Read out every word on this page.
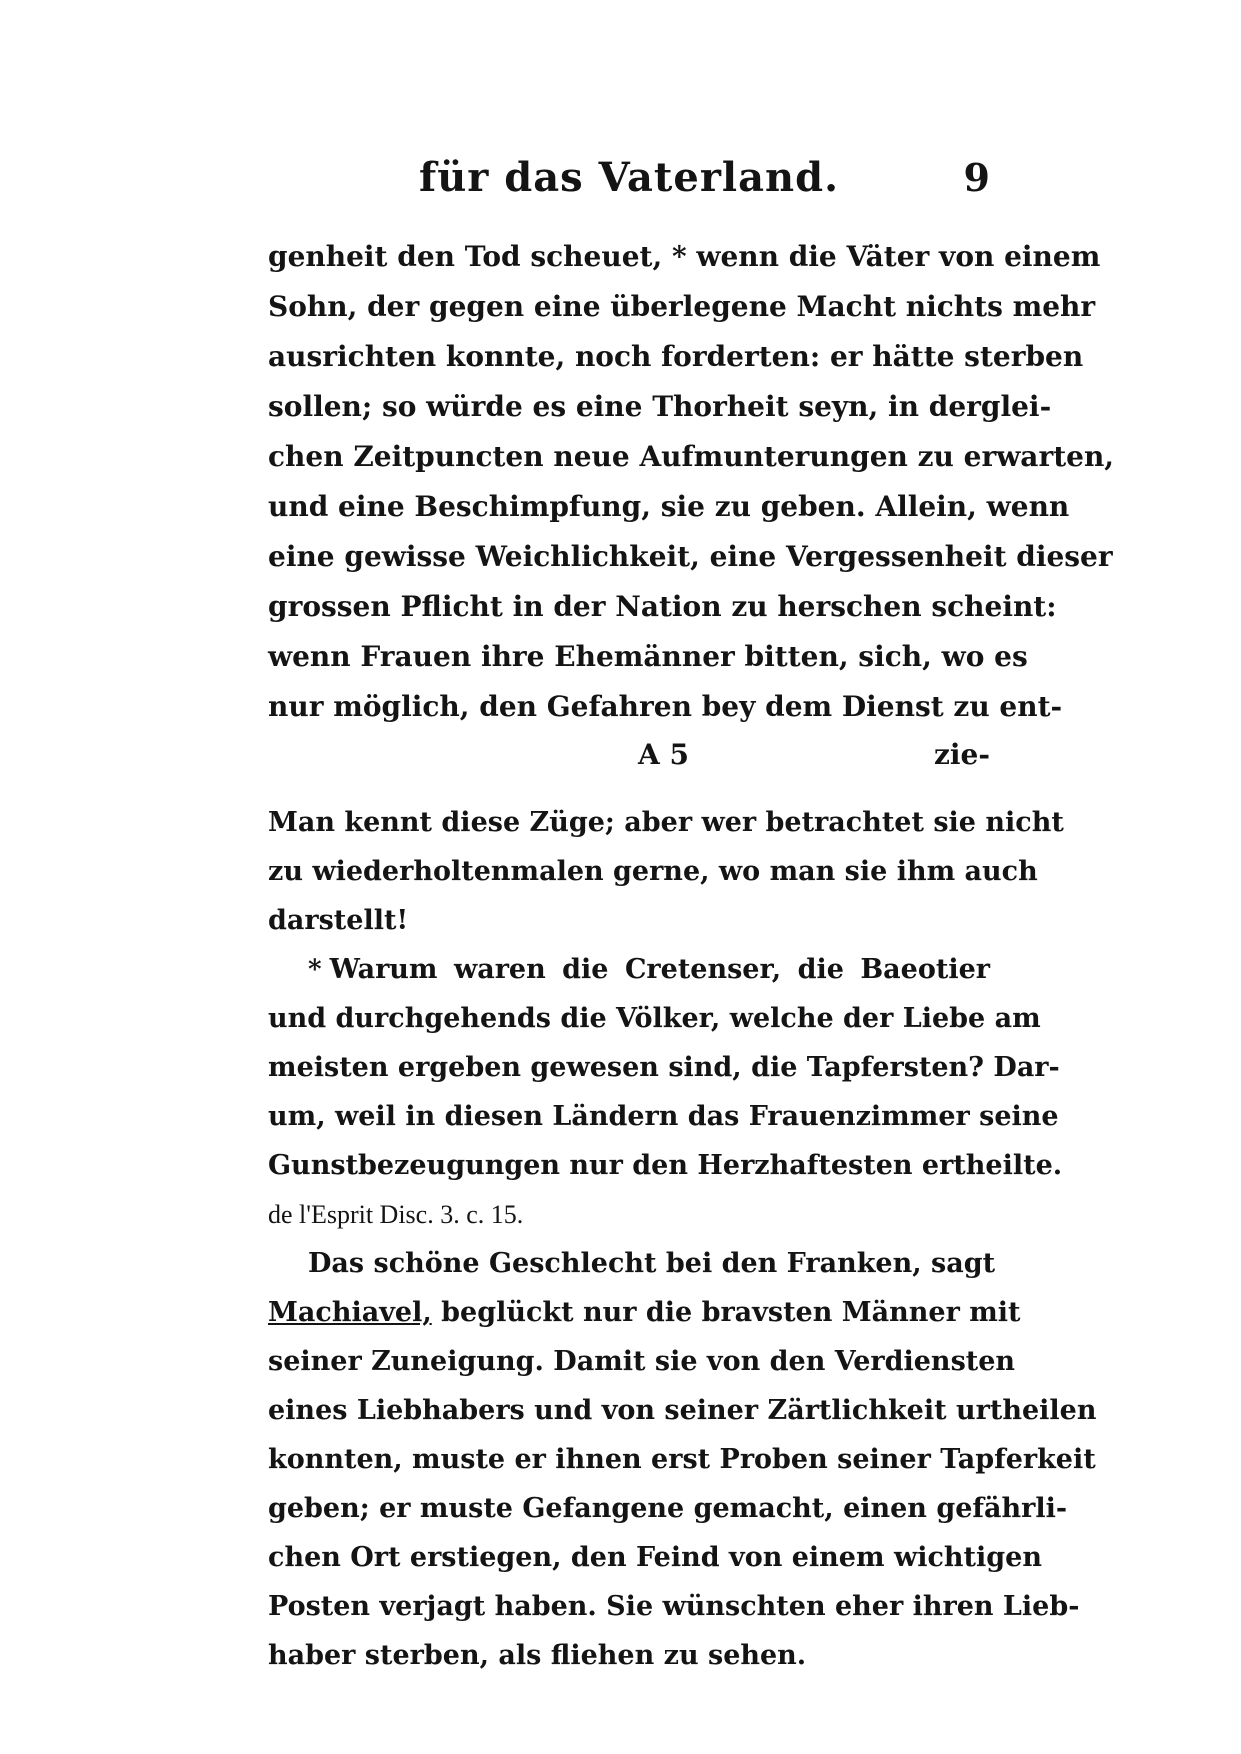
für das Vaterland.	9
genheit den Tod scheuet, * wenn die Väter von einem
Sohn, der gegen eine überlegene Macht nichts mehr
ausrichten konnte, noch forderten: er hätte sterben
sollen; so würde es eine Thorheit seyn, in derglei-
chen Zeitpuncten neue Aufmunterungen zu erwarten,
und eine Beschimpfung, sie zu geben. Allein, wenn
eine gewisse Weichlichkeit, eine Vergessenheit dieser
grossen Pflicht in der Nation zu herschen scheint:
wenn Frauen ihre Ehemänner bitten, sich, wo es
nur möglich, den Gefahren bey dem Dienst zu ent-
A 5	zie-
Man kennt diese Züge; aber wer betrachtet sie nicht
zu wiederholtenmalen gerne, wo man sie ihm auch
darstellt!
* Warum waren die Cretenser, die Baeotier
und durchgehends die Völker, welche der Liebe am
meisten ergeben gewesen sind, die Tapfersten? Dar-
um, weil in diesen Ländern das Frauenzimmer seine
Gunstbezeugungen nur den Herzhaftesten ertheilte.
de l'Esprit Disc. 3. c. 15.
Das schöne Geschlecht bei den Franken, sagt
Machiavel, beglückt nur die bravsten Männer mit
seiner Zuneigung. Damit sie von den Verdiensten
eines Liebhabers und von seiner Zärtlichkeit urtheilen
konnten, muste er ihnen erst Proben seiner Tapferkeit
geben; er muste Gefangene gemacht, einen gefährli-
chen Ort erstiegen, den Feind von einem wichtigen
Posten verjagt haben. Sie wünschten eher ihren Lieb-
haber sterben, als fliehen zu sehen.
